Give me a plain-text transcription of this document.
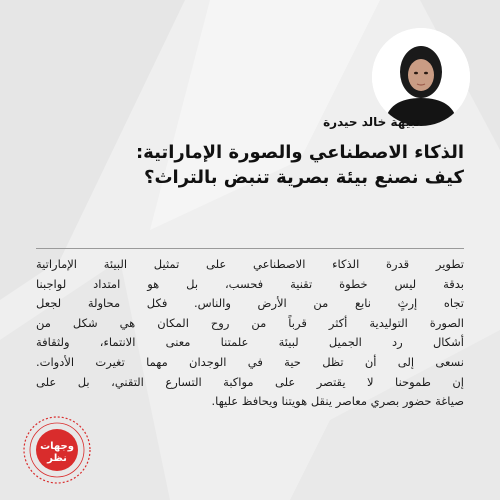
نبيهة خالد حيدرة
الذكاء الاصطناعي والصورة الإماراتية:
كيف نصنع بيئة بصرية تنبض بالتراث؟
تطوير قدرة الذكاء الاصطناعي على تمثيل البيئة الإماراتية
بدقة ليس خطوة تقنية فحسب، بل هو امتداد لواجبنا
تجاه إرثٍ نابع من الأرض والناس. فكل محاولة لجعل
الصورة التوليدية أكثر قرباً من روح المكان هي شكل من
أشكال رد الجميل لبيئة علمتنا معنى الانتماء، ولثقافة
نسعى إلى أن تظل حية في الوجدان مهما تغيرت الأدوات.
إن طموحنا لا يقتصر على مواكبة التسارع التقني، بل على
صياغة حضور بصري معاصر ينقل هويتنا ويحافظ عليها.
وجهات
نظر
